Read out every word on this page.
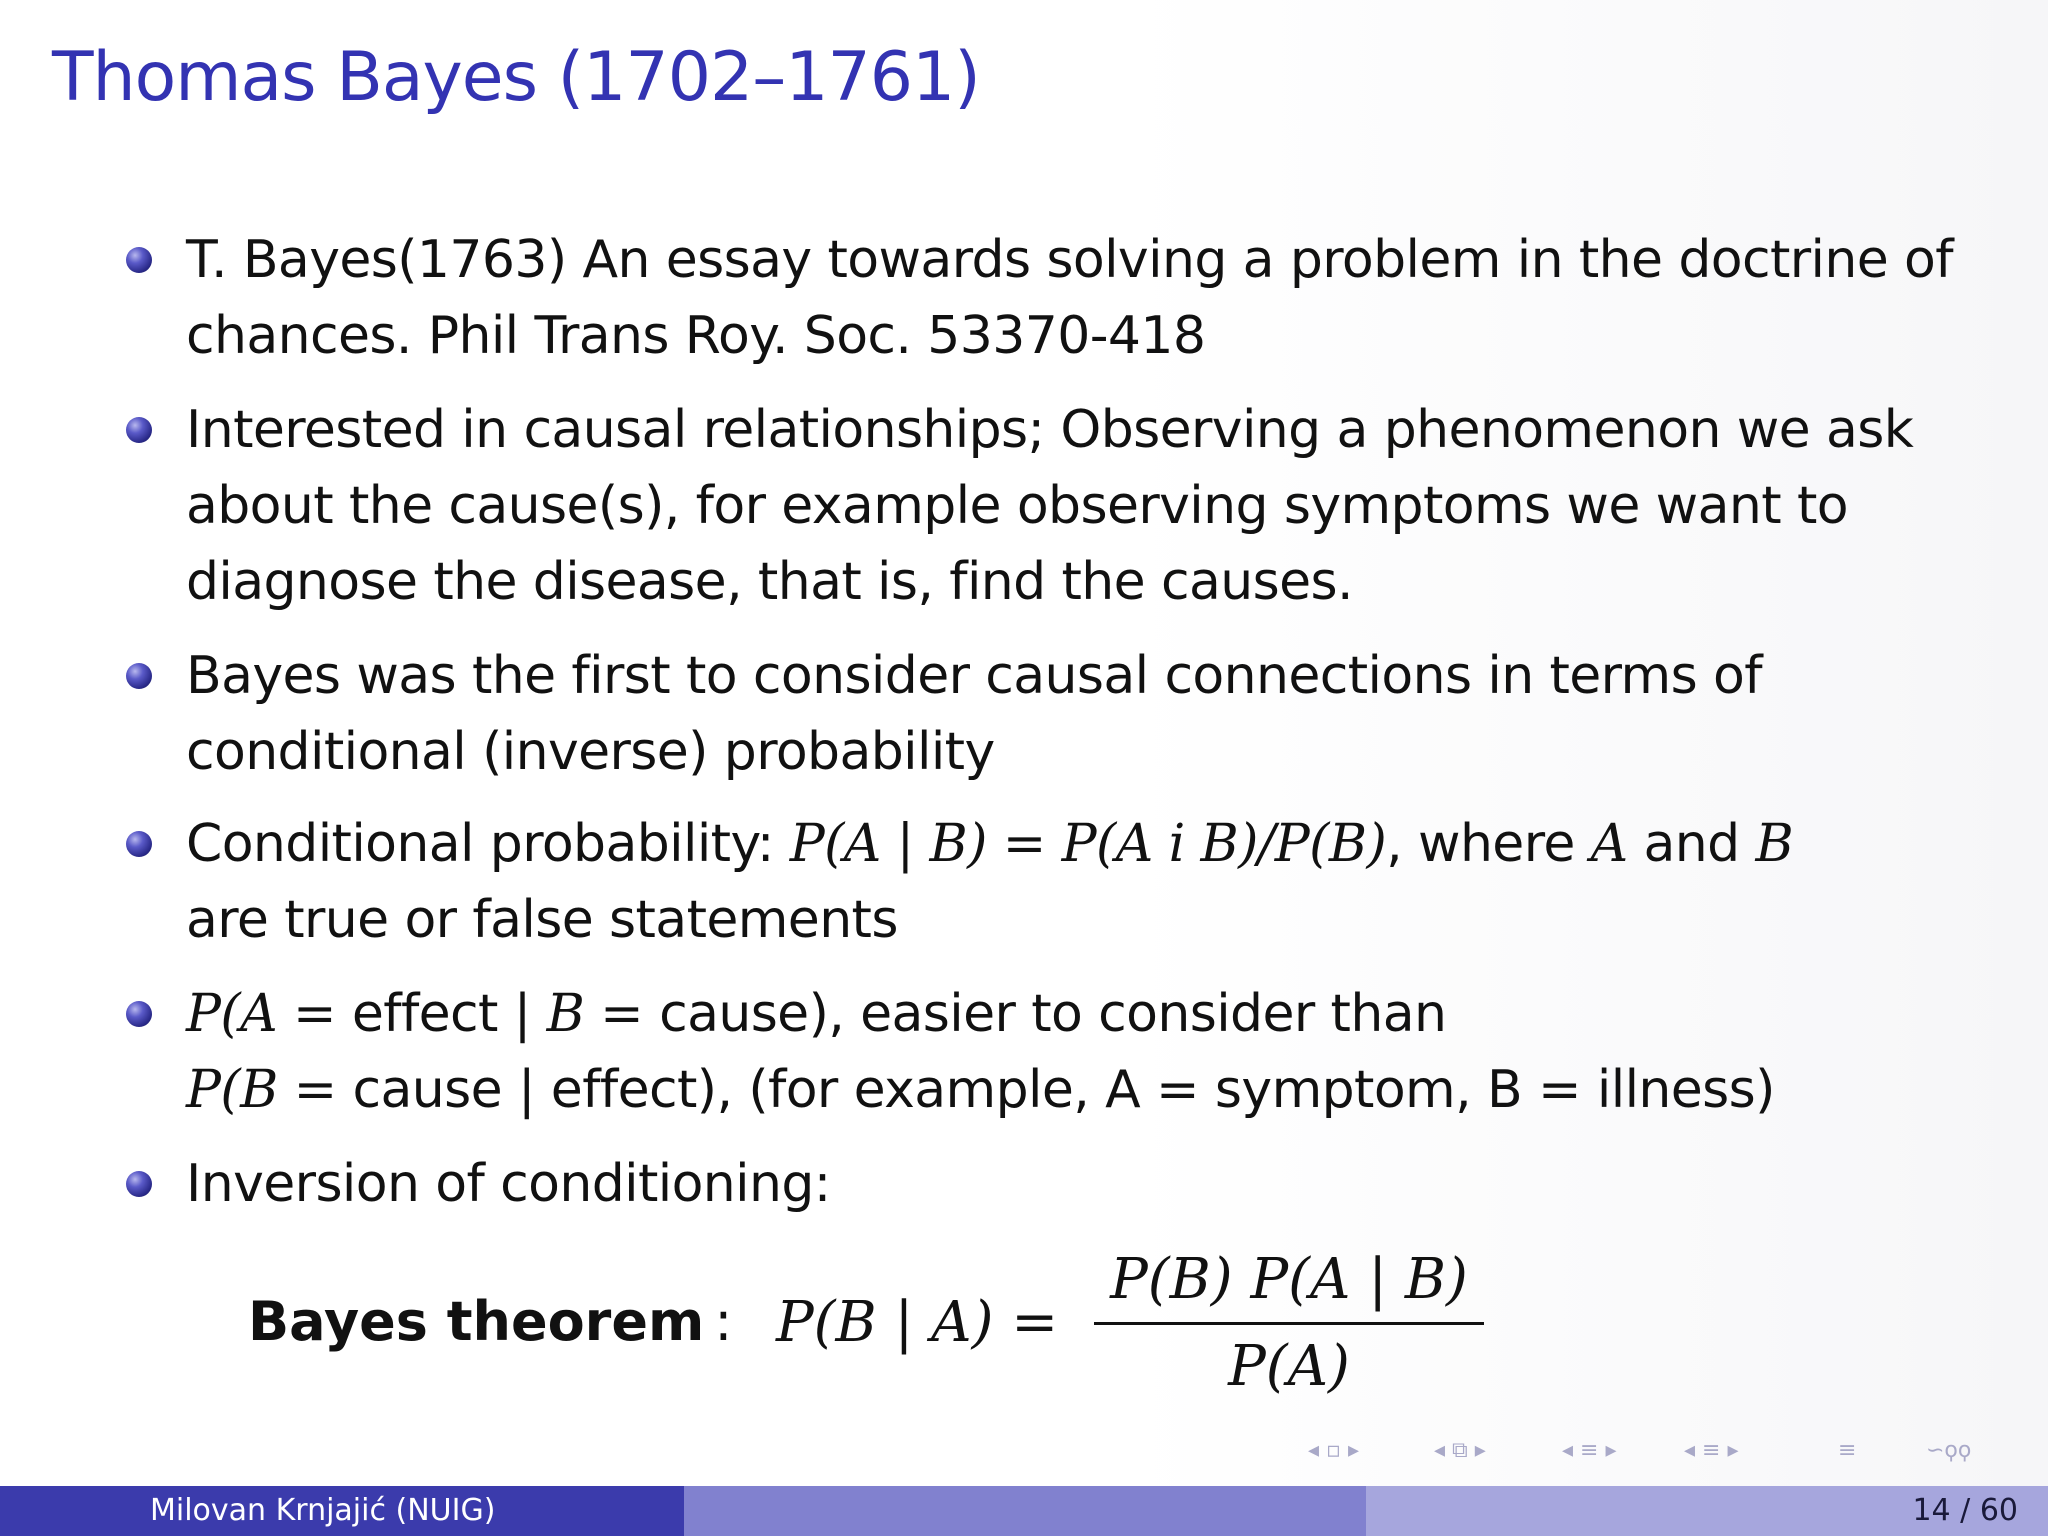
Thomas Bayes (1702–1761)
T. Bayes(1763) An essay towards solving a problem in the doctrine of
chances. Phil Trans Roy. Soc. 53370-418
Interested in causal relationships; Observing a phenomenon we ask
about the cause(s), for example observing symptoms we want to
diagnose the disease, that is, find the causes.
Bayes was the first to consider causal connections in terms of
conditional (inverse) probability
Conditional probability: P(A | B) = P(A i B)/P(B), where A and B
are true or false statements
P(A = effect | B = cause), easier to consider than
P(B = cause | effect), (for example, A = symptom, B = illness)
Inversion of conditioning:
Bayes theorem : P(B | A) =
P(B) P(A | B)
P(A)
◂ ▫ ▸	◂ ⧉ ▸	◂ ≡ ▸	◂ ≡ ▸	≡	∽ϙϙ
Milovan Krnjajić (NUIG)	14 / 60
